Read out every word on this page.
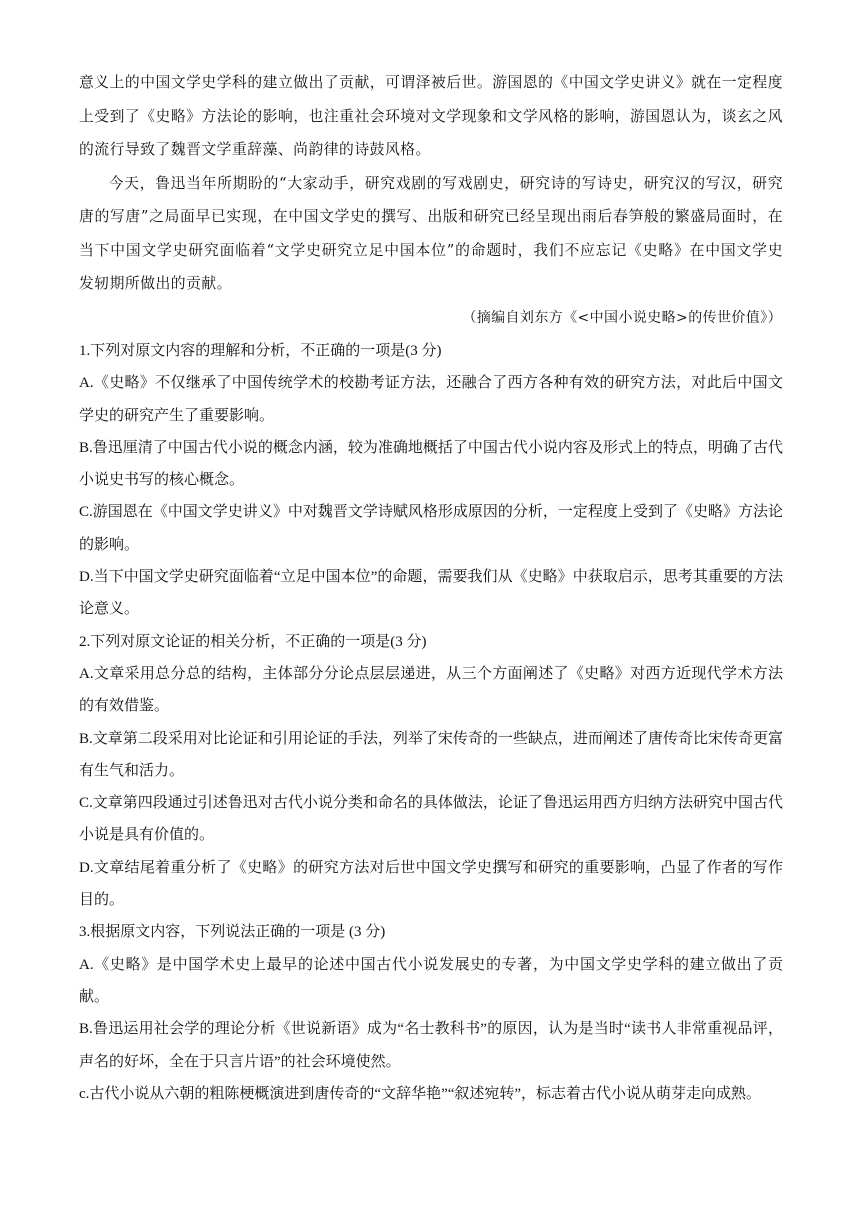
意义上的中国文学史学科的建立做出了贡献，可谓泽被后世。游国恩的《中国文学史讲义》就在一定程度上受到了《史略》方法论的影响，也注重社会环境对文学现象和文学风格的影响，游国恩认为，谈玄之风的流行导致了魏晋文学重辞藻、尚韵律的诗鼓风格。

今天，鲁迅当年所期盼的“大家动手，研究戏剧的写戏剧史，研究诗的写诗史，研究汉的写汉，研究唐的写唐”之局面早已实现，在中国文学史的撰写、出版和研究已经呈现出雨后春笋般的繁盛局面时，在当下中国文学史研究面临着“文学史研究立足中国本位”的命题时，我们不应忘记《史略》在中国文学史发轫期所做出的贡献。

（摘编自刘东方《<中国小说史略>的传世价值》）

1.下列对原文内容的理解和分析，不正确的一项是(3 分)

A.《史略》不仅继承了中国传统学术的校勘考证方法，还融合了西方各种有效的研究方法，对此后中国文学史的研究产生了重要影响。

B.鲁迅厘清了中国古代小说的概念内涵，较为准确地概括了中国古代小说内容及形式上的特点，明确了古代小说史书写的核心概念。

C.游国恩在《中国文学史讲义》中对魏晋文学诗赋风格形成原因的分析，一定程度上受到了《史略》方法论的影响。

D.当下中国文学史研究面临着“立足中国本位”的命题，需要我们从《史略》中获取启示，思考其重要的方法论意义。

2.下列对原文论证的相关分析，不正确的一项是(3 分)

A.文章采用总分总的结构，主体部分分论点层层递进，从三个方面阐述了《史略》对西方近现代学术方法的有效借鉴。

B.文章第二段采用对比论证和引用论证的手法，列举了宋传奇的一些缺点，进而阐述了唐传奇比宋传奇更富有生气和活力。

C.文章第四段通过引述鲁迅对古代小说分类和命名的具体做法，论证了鲁迅运用西方归纳方法研究中国古代小说是具有价值的。

D.文章结尾着重分析了《史略》的研究方法对后世中国文学史撰写和研究的重要影响，凸显了作者的写作目的。

3.根据原文内容，下列说法正确的一项是 (3 分)

A.《史略》是中国学术史上最早的论述中国古代小说发展史的专著，为中国文学史学科的建立做出了贡献。

B.鲁迅运用社会学的理论分析《世说新语》成为“名士教科书”的原因，认为是当时“读书人非常重视品评，声名的好坏，全在于只言片语”的社会环境使然。

c.古代小说从六朝的粗陈梗概演进到唐传奇的“文辞华艳”“叙述宛转”，标志着古代小说从萌芽走向成熟。
